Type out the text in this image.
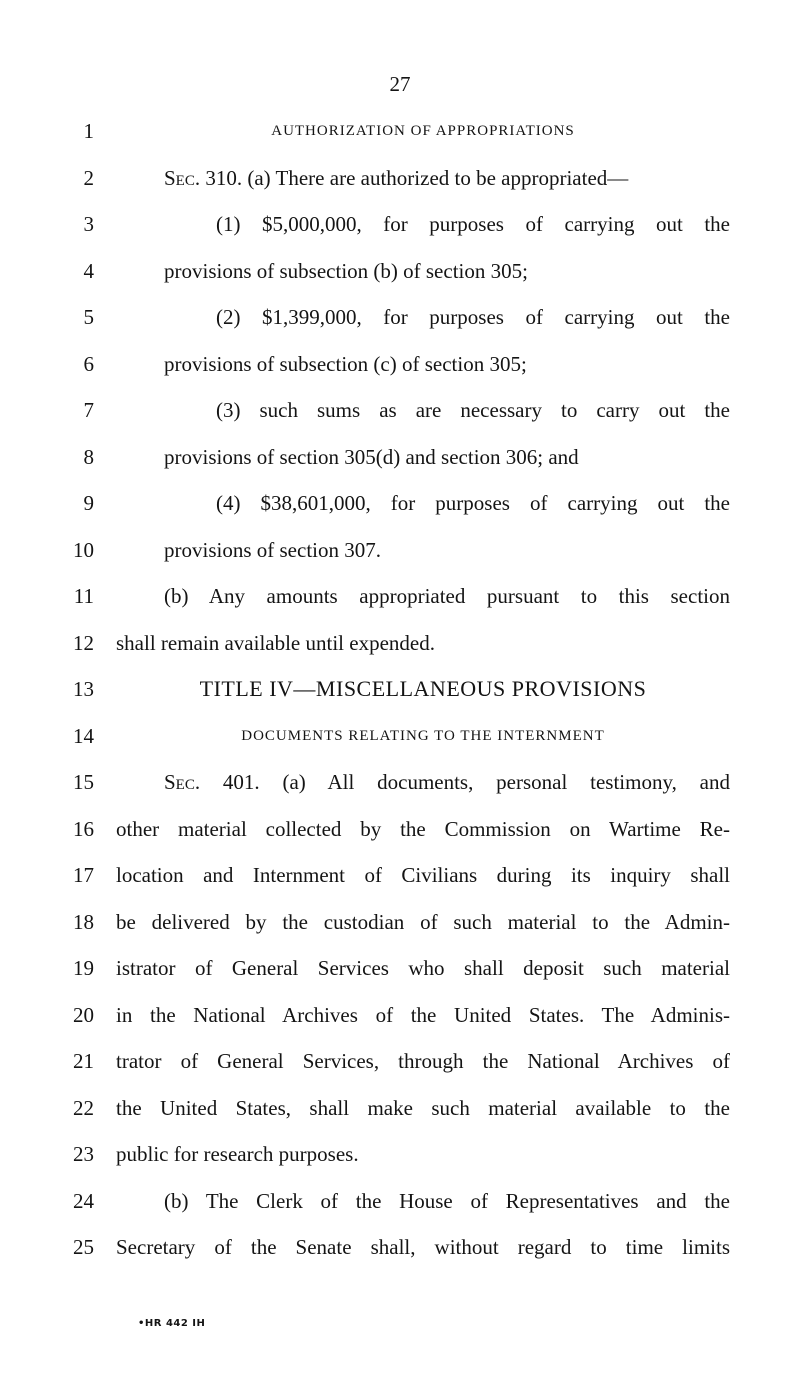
27
1	AUTHORIZATION OF APPROPRIATIONS
2	Sec. 310. (a) There are authorized to be appropriated—
3	(1) $5,000,000, for purposes of carrying out the
4	provisions of subsection (b) of section 305;
5	(2) $1,399,000, for purposes of carrying out the
6	provisions of subsection (c) of section 305;
7	(3) such sums as are necessary to carry out the
8	provisions of section 305(d) and section 306; and
9	(4) $38,601,000, for purposes of carrying out the
10	provisions of section 307.
11	(b) Any amounts appropriated pursuant to this section
12 shall remain available until expended.
13	TITLE IV—MISCELLANEOUS PROVISIONS
14	DOCUMENTS RELATING TO THE INTERNMENT
15	Sec. 401. (a) All documents, personal testimony, and
16 other material collected by the Commission on Wartime Re-
17 location and Internment of Civilians during its inquiry shall
18 be delivered by the custodian of such material to the Admin-
19 istrator of General Services who shall deposit such material
20 in the National Archives of the United States. The Adminis-
21 trator of General Services, through the National Archives of
22 the United States, shall make such material available to the
23 public for research purposes.
24	(b) The Clerk of the House of Representatives and the
25 Secretary of the Senate shall, without regard to time limits
•HR 442 IH
